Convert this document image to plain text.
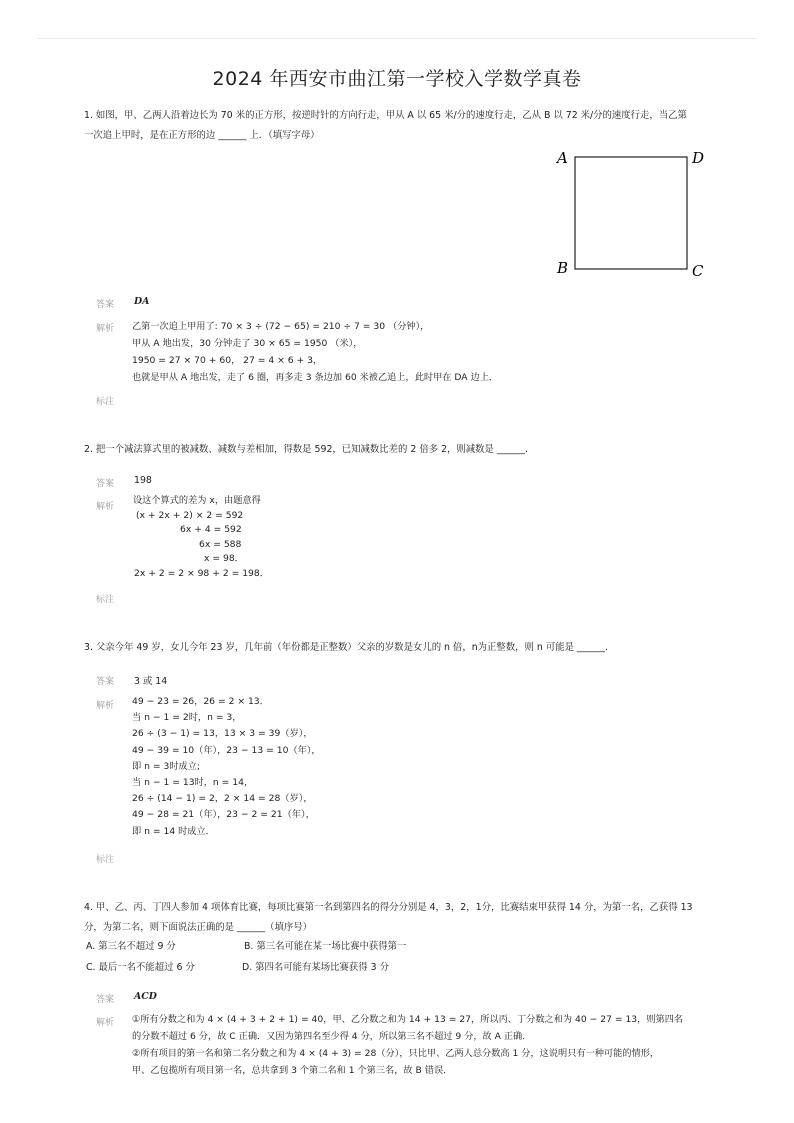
2024 年西安市曲江第一学校入学数学真卷
1. 如图，甲、乙两人沿着边长为 70 米的正方形，按逆时针的方向行走，甲从 A 以 65 米/分的速度行走，乙从 B 以 72 米/分的速度行走，当乙第
一次追上甲时，是在正方形的边 ______ 上．（填写字母）
A	D
B	C
答案 DA
解析 乙第一次追上甲用了: 70 × 3 ÷ (72 − 65) = 210 ÷ 7 = 30 （分钟），
甲从 A 地出发，30 分钟走了 30 × 65 = 1950 （米），
1950 = 27 × 70 + 60， 27 = 4 × 6 + 3，
也就是甲从 A 地出发，走了 6 圈，再多走 3 条边加 60 米被乙追上，此时甲在 DA 边上．
标注
2. 把一个减法算式里的被减数、减数与差相加，得数是 592，已知减数比差的 2 倍多 2，则减数是 ______．
答案 198
解析
设这个算式的差为 x，由题意得
(x + 2x + 2) × 2 = 592
6x + 4 = 592
6x = 588
x = 98．
2x + 2 = 2 × 98 + 2 = 198．
标注
3. 父亲今年 49 岁，女儿今年 23 岁，几年前（年份都是正整数）父亲的岁数是女儿的 n 倍，n为正整数，则 n 可能是 ______．
答案 3 或 14
解析 49 − 23 = 26，26 = 2 × 13．
当 n − 1 = 2时，n = 3，
26 ÷ (3 − 1) = 13，13 × 3 = 39（岁），
49 − 39 = 10（年），23 − 13 = 10（年），
即 n = 3时成立;
当 n − 1 = 13时，n = 14，
26 ÷ (14 − 1) = 2，2 × 14 = 28（岁），
49 − 28 = 21（年），23 − 2 = 21（年），
即 n = 14 时成立．
标注
4. 甲、乙、丙、丁四人参加 4 项体育比赛，每项比赛第一名到第四名的得分分别是 4，3，2，1分，比赛结束甲获得 14 分，为第一名，乙获得 13
分，为第二名，则下面说法正确的是 ______（填序号）
A. 第三名不超过 9 分	B. 第三名可能在某一场比赛中获得第一
C. 最后一名不能超过 6 分	D. 第四名可能有某场比赛获得 3 分
答案 ACD
解析 ①所有分数之和为 4 × (4 + 3 + 2 + 1) = 40，甲、乙分数之和为 14 + 13 = 27，所以丙、丁分数之和为 40 − 27 = 13，则第四名
的分数不超过 6 分，故 C 正确．又因为第四名至少得 4 分，所以第三名不超过 9 分，故 A 正确．
②所有项目的第一名和第二名分数之和为 4 × (4 + 3) = 28（分），只比甲、乙两人总分数高 1 分，这说明只有一种可能的情形，
甲、乙包揽所有项目第一名，总共拿到 3 个第二名和 1 个第三名，故 B 错误．
